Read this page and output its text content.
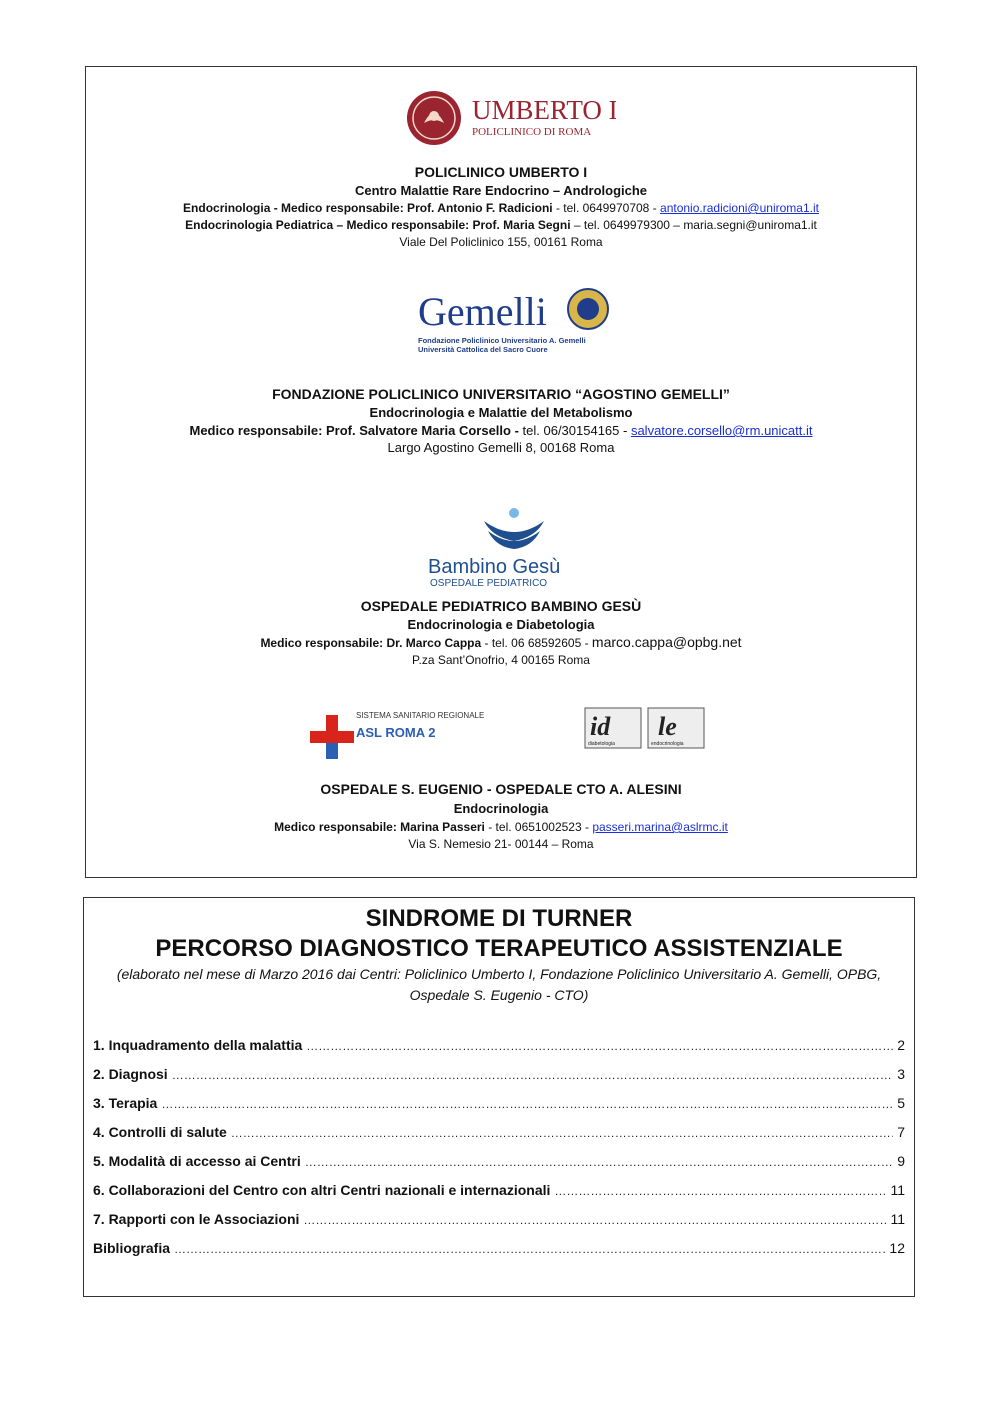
UMBERTO I
POLICLINICO DI ROMA
POLICLINICO UMBERTO I
Centro Malattie Rare Endocrino – Andrologiche
Endocrinologia - Medico responsabile: Prof. Antonio F. Radicioni - tel. 0649970708 - antonio.radicioni@uniroma1.it
Endocrinologia Pediatrica – Medico responsabile: Prof. Maria Segni – tel. 0649979300 – maria.segni@uniroma1.it
Viale Del Policlinico 155, 00161 Roma
Gemelli
Fondazione Policlinico Universitario A. Gemelli
Università Cattolica del Sacro Cuore
FONDAZIONE POLICLINICO UNIVERSITARIO “AGOSTINO GEMELLI”
Endocrinologia e Malattie del Metabolismo
Medico responsabile: Prof. Salvatore Maria Corsello - tel. 06/30154165 - salvatore.corsello@rm.unicatt.it
Largo Agostino Gemelli 8, 00168 Roma
Bambino Gesù
OSPEDALE PEDIATRICO
OSPEDALE PEDIATRICO BAMBINO GESÙ
Endocrinologia e Diabetologia
Medico responsabile: Dr. Marco Cappa - tel. 06 68592605 - marco.cappa@opbg.net
P.za Sant’Onofrio, 4 00165 Roma
SISTEMA SANITARIO REGIONALE
ASL ROMA 2	id le
diabetologia	endocrinologia
OSPEDALE S. EUGENIO - OSPEDALE CTO A. ALESINI
Endocrinologia
Medico responsabile: Marina Passeri - tel. 0651002523 - passeri.marina@aslrmc.it
Via S. Nemesio 21- 00144 – Roma
SINDROME DI TURNER
PERCORSO DIAGNOSTICO TERAPEUTICO ASSISTENZIALE
(elaborato nel mese di Marzo 2016 dai Centri: Policlinico Umberto I, Fondazione Policlinico Universitario A. Gemelli, OPBG, Ospedale S. Eugenio - CTO)
1. Inquadramento della malattia ……………………………………………………………………………………………………………………………………………………………………………………………………………………………	2
2. Diagnosi ……………………………………………………………………………………………………………………………………………………………………………………………………………………………	3
3. Terapia ……………………………………………………………………………………………………………………………………………………………………………………………………………………………	5
4. Controlli di salute ……………………………………………………………………………………………………………………………………………………………………………………………………………………………	7
5. Modalità di accesso ai Centri ……………………………………………………………………………………………………………………………………………………………………………………………………………………………	9
6. Collaborazioni del Centro con altri Centri nazionali e internazionali ……………………………………………………………………………………………………………………………………………………………………………………………………………………………	11
7. Rapporti con le Associazioni ……………………………………………………………………………………………………………………………………………………………………………………………………………………………	11
Bibliografia ……………………………………………………………………………………………………………………………………………………………………………………………………………………………	12
